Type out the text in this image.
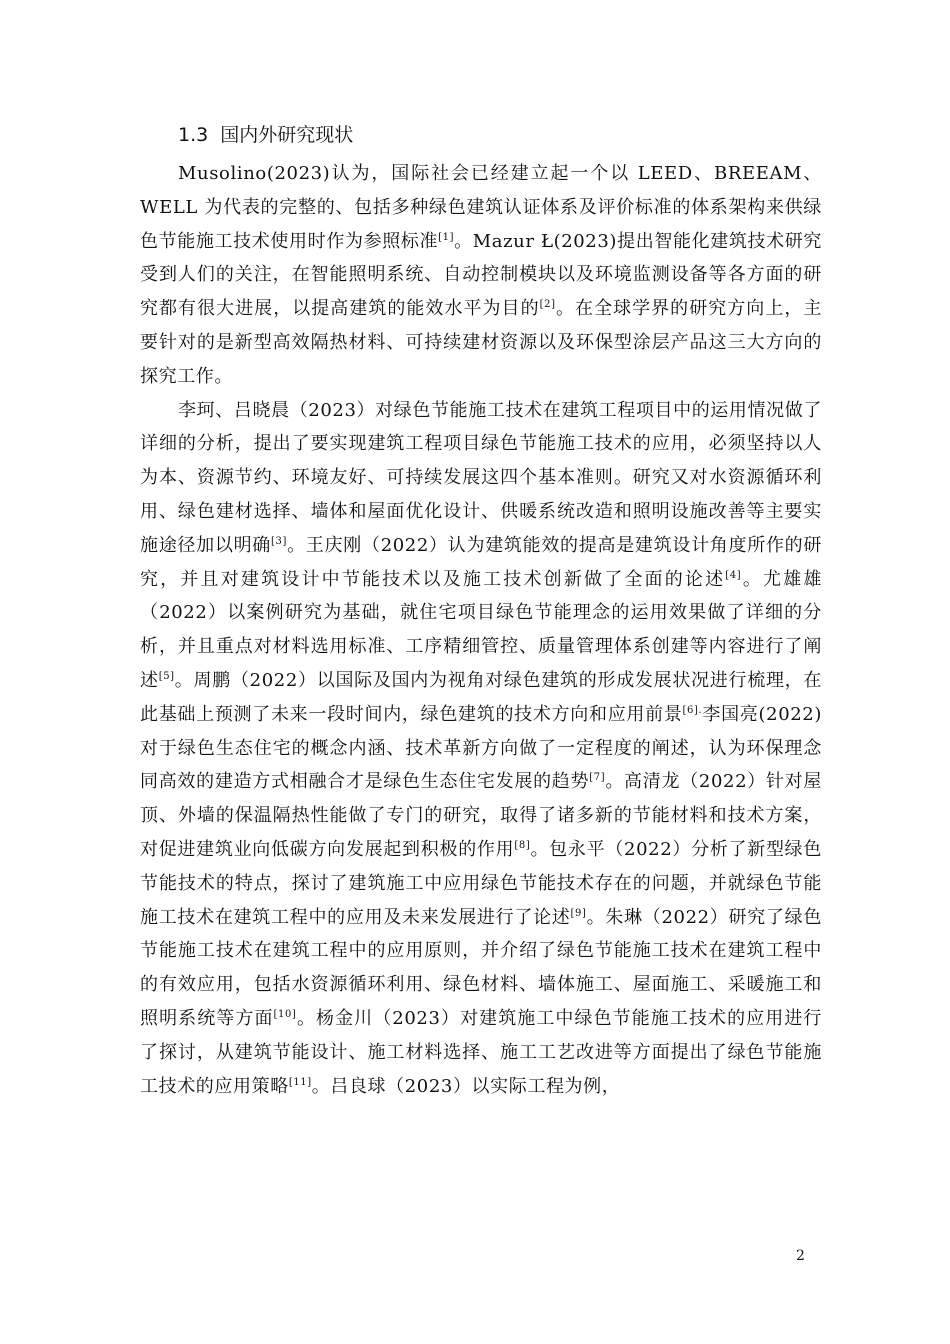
1.3 国内外研究现状

Musolino(2023)认为，国际社会已经建立起一个以 LEED、BREEAM、WELL 为代表的完整的、包括多种绿色建筑认证体系及评价标准的体系架构来供绿色节能施工技术使用时作为参照标准[1]。Mazur Ł(2023)提出智能化建筑技术研究受到人们的关注，在智能照明系统、自动控制模块以及环境监测设备等各方面的研究都有很大进展，以提高建筑的能效水平为目的[2]。在全球学界的研究方向上，主要针对的是新型高效隔热材料、可持续建材资源以及环保型涂层产品这三大方向的探究工作。

李珂、吕晓晨（2023）对绿色节能施工技术在建筑工程项目中的运用情况做了详细的分析，提出了要实现建筑工程项目绿色节能施工技术的应用，必须坚持以人为本、资源节约、环境友好、可持续发展这四个基本准则。研究又对水资源循环利用、绿色建材选择、墙体和屋面优化设计、供暖系统改造和照明设施改善等主要实施途径加以明确[3]。王庆刚（2022）认为建筑能效的提高是建筑设计角度所作的研究，并且对建筑设计中节能技术以及施工技术创新做了全面的论述[4]。尤雄雄（2022）以案例研究为基础，就住宅项目绿色节能理念的运用效果做了详细的分析，并且重点对材料选用标准、工序精细管控、质量管理体系创建等内容进行了阐述[5]。周鹏（2022）以国际及国内为视角对绿色建筑的形成发展状况进行梳理，在此基础上预测了未来一段时间内，绿色建筑的技术方向和应用前景$^{[6].}$李国亮(2022)对于绿色生态住宅的概念内涵、技术革新方向做了一定程度的阐述，认为环保理念同高效的建造方式相融合才是绿色生态住宅发展的趋势[7]。高清龙（2022）针对屋顶、外墙的保温隔热性能做了专门的研究，取得了诸多新的节能材料和技术方案，对促进建筑业向低碳方向发展起到积极的作用[8]。包永平（2022）分析了新型绿色节能技术的特点，探讨了建筑施工中应用绿色节能技术存在的问题，并就绿色节能施工技术在建筑工程中的应用及未来发展进行了论述[9]。朱琳（2022）研究了绿色节能施工技术在建筑工程中的应用原则，并介绍了绿色节能施工技术在建筑工程中的有效应用，包括水资源循环利用、绿色材料、墙体施工、屋面施工、采暖施工和照明系统等方面[10]。杨金川（2023）对建筑施工中绿色节能施工技术的应用进行了探讨，从建筑节能设计、施工材料选择、施工工艺改进等方面提出了绿色节能施工技术的应用策略[11]。吕良球（2023）以实际工程为例，

2
